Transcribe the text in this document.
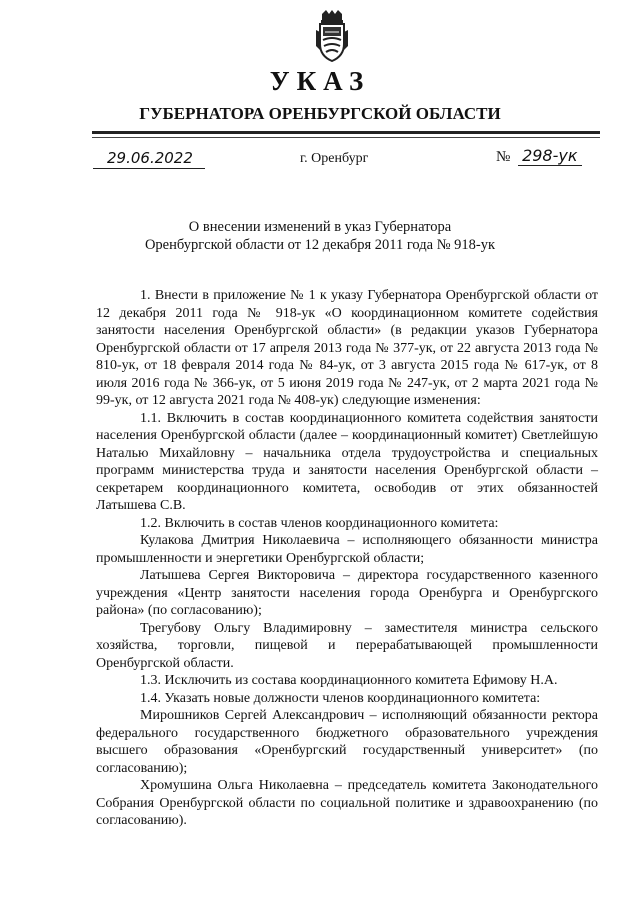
УКАЗ
ГУБЕРНАТОРА ОРЕНБУРГСКОЙ ОБЛАСТИ
29.06.2022	г. Оренбург	№ 298-ук
О внесении изменений в указ Губернатора
Оренбургской области от 12 декабря 2011 года № 918-ук

1. Внести в приложение № 1 к указу Губернатора Оренбургской области от 12 декабря 2011 года № 918-ук «О координационном комитете содействия занятости населения Оренбургской области» (в редакции указов Губернатора Оренбургской области от 17 апреля 2013 года № 377-ук, от 22 августа 2013 года № 810-ук, от 18 февраля 2014 года № 84-ук, от 3 августа 2015 года № 617-ук, от 8 июля 2016 года № 366-ук, от 5 июня 2019 года № 247-ук, от 2 марта 2021 года № 99-ук, от 12 августа 2021 года № 408-ук) следующие изменения:

1.1. Включить в состав координационного комитета содействия занятости населения Оренбургской области (далее – координационный комитет) Светлейшую Наталью Михайловну – начальника отдела трудоустройства и специальных программ министерства труда и занятости населения Оренбургской области – секретарем координационного комитета, освободив от этих обязанностей Латышева С.В.

1.2. Включить в состав членов координационного комитета:

Кулакова Дмитрия Николаевича – исполняющего обязанности министра промышленности и энергетики Оренбургской области;

Латышева Сергея Викторовича – директора государственного казенного учреждения «Центр занятости населения города Оренбурга и Оренбургского района» (по согласованию);

Трегубову Ольгу Владимировну – заместителя министра сельского хозяйства, торговли, пищевой и перерабатывающей промышленности Оренбургской области.

1.3. Исключить из состава координационного комитета Ефимову Н.А.

1.4. Указать новые должности членов координационного комитета:

Мирошников Сергей Александрович – исполняющий обязанности ректора федерального государственного бюджетного образовательного учреждения высшего образования «Оренбургский государственный университет» (по согласованию);

Хромушина Ольга Николаевна – председатель комитета Законодательного Собрания Оренбургской области по социальной политике и здравоохранению (по согласованию).
